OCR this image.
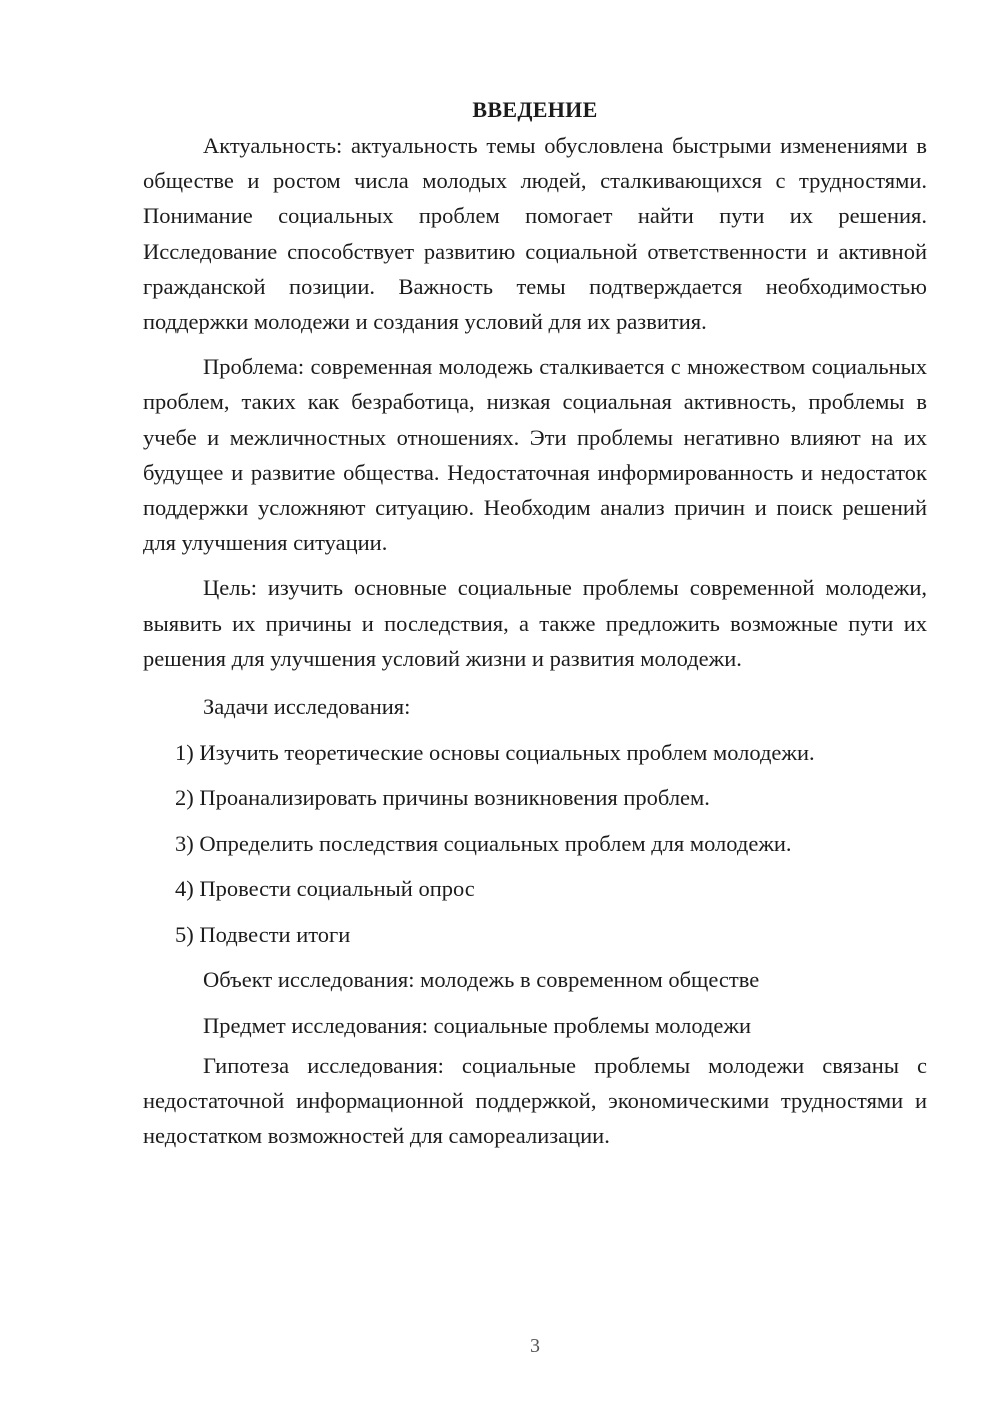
ВВЕДЕНИЕ

Актуальность: актуальность темы обусловлена быстрыми изменениями в обществе и ростом числа молодых людей, сталкивающихся с трудностями. Понимание социальных проблем помогает найти пути их решения. Исследование способствует развитию социальной ответственности и активной гражданской позиции. Важность темы подтверждается необходимостью поддержки молодежи и создания условий для их развития.

Проблема: современная молодежь сталкивается с множеством социальных проблем, таких как безработица, низкая социальная активность, проблемы в учебе и межличностных отношениях. Эти проблемы негативно влияют на их будущее и развитие общества. Недостаточная информированность и недостаток поддержки усложняют ситуацию. Необходим анализ причин и поиск решений для улучшения ситуации.

Цель: изучить основные социальные проблемы современной молодежи, выявить их причины и последствия, а также предложить возможные пути их решения для улучшения условий жизни и развития молодежи.

Задачи исследования:

1) Изучить теоретические основы социальных проблем молодежи.

2) Проанализировать причины возникновения проблем.

3) Определить последствия социальных проблем для молодежи.

4) Провести социальный опрос

5) Подвести итоги

Объект исследования: молодежь в современном обществе

Предмет исследования: социальные проблемы молодежи

Гипотеза исследования: социальные проблемы молодежи связаны с недостаточной информационной поддержкой, экономическими трудностями и недостатком возможностей для самореализации.

3
